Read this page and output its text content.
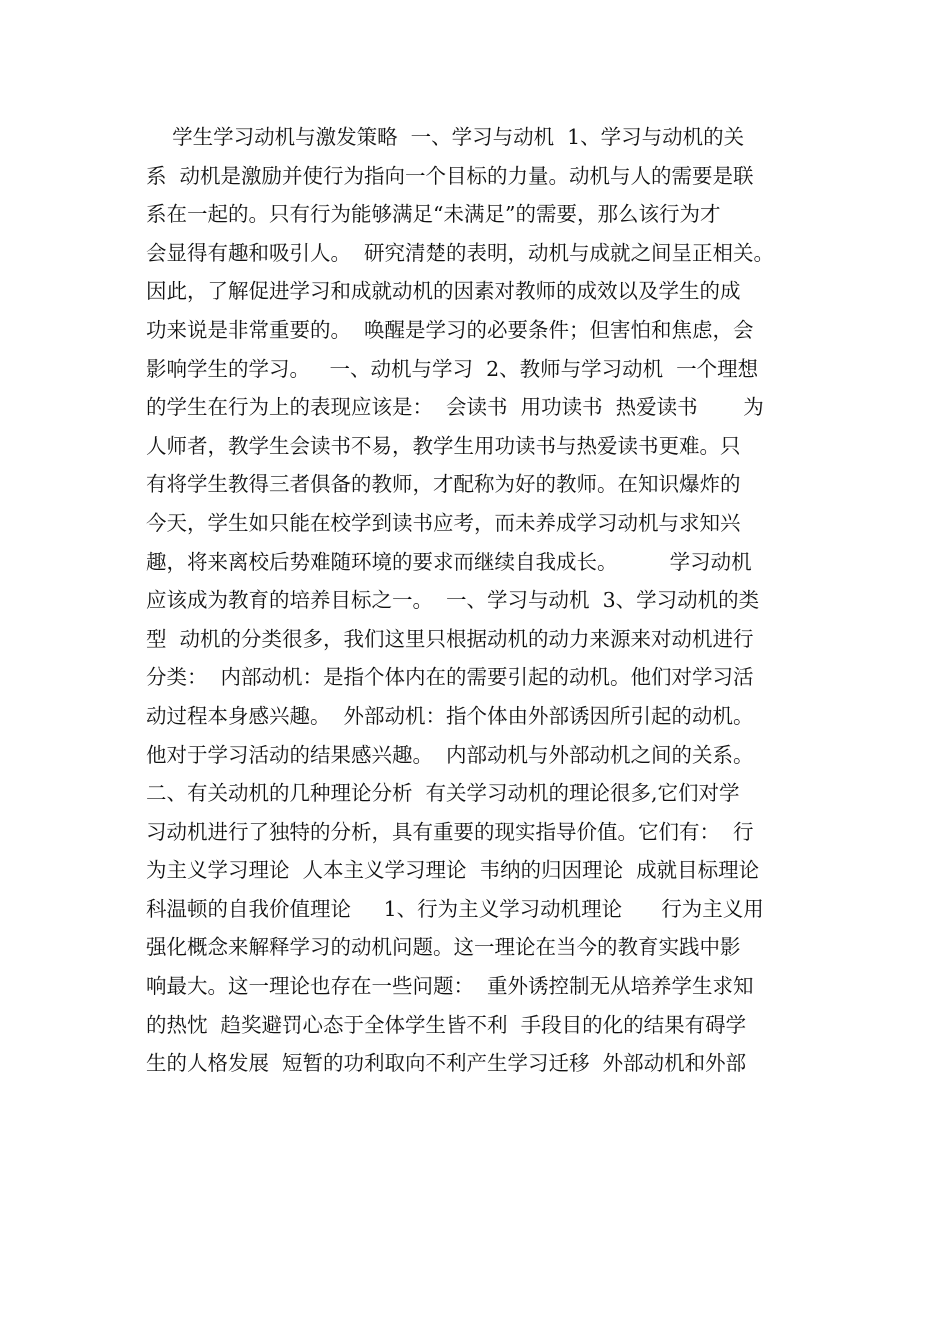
学生学习动机与激发策略  一、学习与动机  1、学习与动机的关
系  动机是激励并使行为指向一个目标的力量。动机与人的需要是联
系在一起的。只有行为能够满足“未满足”的需要，那么该行为才
会显得有趣和吸引人。  研究清楚的表明，动机与成就之间呈正相关。
因此，了解促进学习和成就动机的因素对教师的成效以及学生的成
功来说是非常重要的。  唤醒是学习的必要条件；但害怕和焦虑，会
影响学生的学习。   一、动机与学习  2、教师与学习动机  一个理想
的学生在行为上的表现应该是：  会读书  用功读书  热爱读书       为
人师者，教学生会读书不易，教学生用功读书与热爱读书更难。只
有将学生教得三者俱备的教师，才配称为好的教师。在知识爆炸的
今天，学生如只能在校学到读书应考，而未养成学习动机与求知兴
趣，将来离校后势难随环境的要求而继续自我成长。        学习动机
应该成为教育的培养目标之一。  一、学习与动机  3、学习动机的类
型  动机的分类很多，我们这里只根据动机的动力来源来对动机进行
分类：  内部动机：是指个体内在的需要引起的动机。他们对学习活
动过程本身感兴趣。  外部动机：指个体由外部诱因所引起的动机。
他对于学习活动的结果感兴趣。  内部动机与外部动机之间的关系。
二、有关动机的几种理论分析  有关学习动机的理论很多,它们对学
习动机进行了独特的分析，具有重要的现实指导价值。它们有：  行
为主义学习理论  人本主义学习理论  韦纳的归因理论  成就目标理论
科温顿的自我价值理论     1、行为主义学习动机理论      行为主义用
强化概念来解释学习的动机问题。这一理论在当今的教育实践中影
响最大。这一理论也存在一些问题：  重外诱控制无从培养学生求知
的热忱  趋奖避罚心态于全体学生皆不利  手段目的化的结果有碍学
生的人格发展  短暂的功利取向不利产生学习迁移  外部动机和外部
